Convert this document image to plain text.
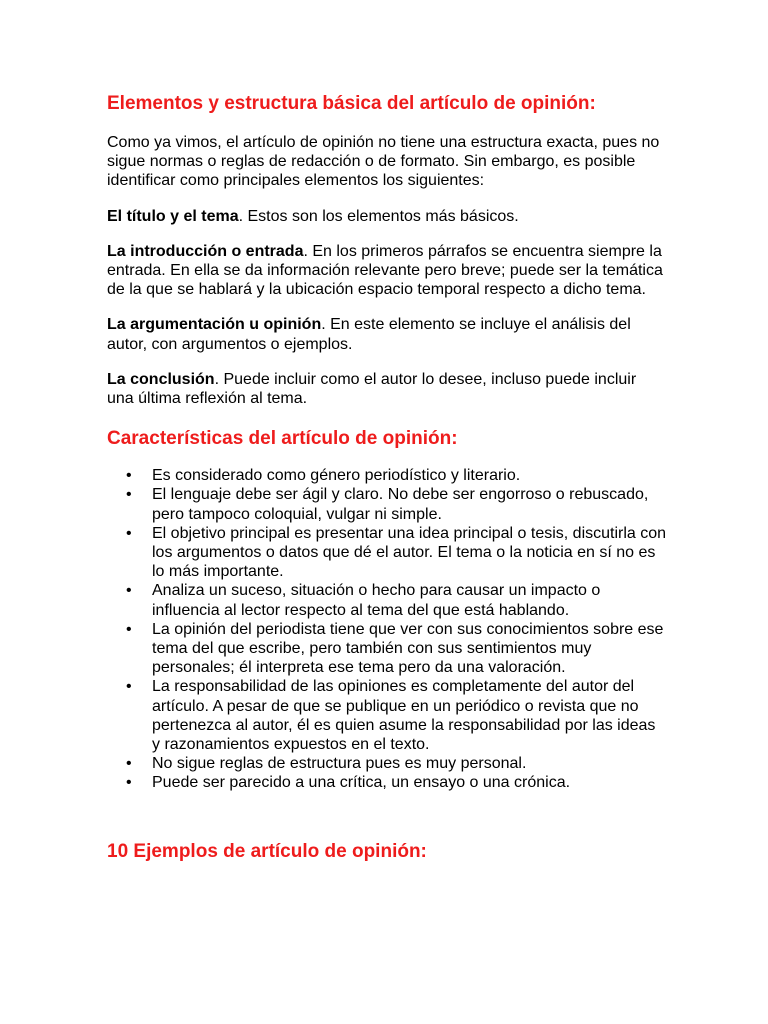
Elementos y estructura básica del artículo de opinión:

Como ya vimos, el artículo de opinión no tiene una estructura exacta, pues no sigue normas o reglas de redacción o de formato. Sin embargo, es posible identificar como principales elementos los siguientes:

El título y el tema. Estos son los elementos más básicos.

La introducción o entrada. En los primeros párrafos se encuentra siempre la entrada. En ella se da información relevante pero breve; puede ser la temática de la que se hablará y la ubicación espacio temporal respecto a dicho tema.

La argumentación u opinión. En este elemento se incluye el análisis del autor, con argumentos o ejemplos.

La conclusión. Puede incluir como el autor lo desee, incluso puede incluir una última reflexión al tema.

Características del artículo de opinión:
• Es considerado como género periodístico y literario.
• El lenguaje debe ser ágil y claro. No debe ser engorroso o rebuscado, pero tampoco coloquial, vulgar ni simple.
• El objetivo principal es presentar una idea principal o tesis, discutirla con los argumentos o datos que dé el autor. El tema o la noticia en sí no es lo más importante.
• Analiza un suceso, situación o hecho para causar un impacto o influencia al lector respecto al tema del que está hablando.
• La opinión del periodista tiene que ver con sus conocimientos sobre ese tema del que escribe, pero también con sus sentimientos muy personales; él interpreta ese tema pero da una valoración.
• La responsabilidad de las opiniones es completamente del autor del artículo. A pesar de que se publique en un periódico o revista que no pertenezca al autor, él es quien asume la responsabilidad por las ideas y razonamientos expuestos en el texto.
• No sigue reglas de estructura pues es muy personal.
• Puede ser parecido a una crítica, un ensayo o una crónica.
10 Ejemplos de artículo de opinión:
